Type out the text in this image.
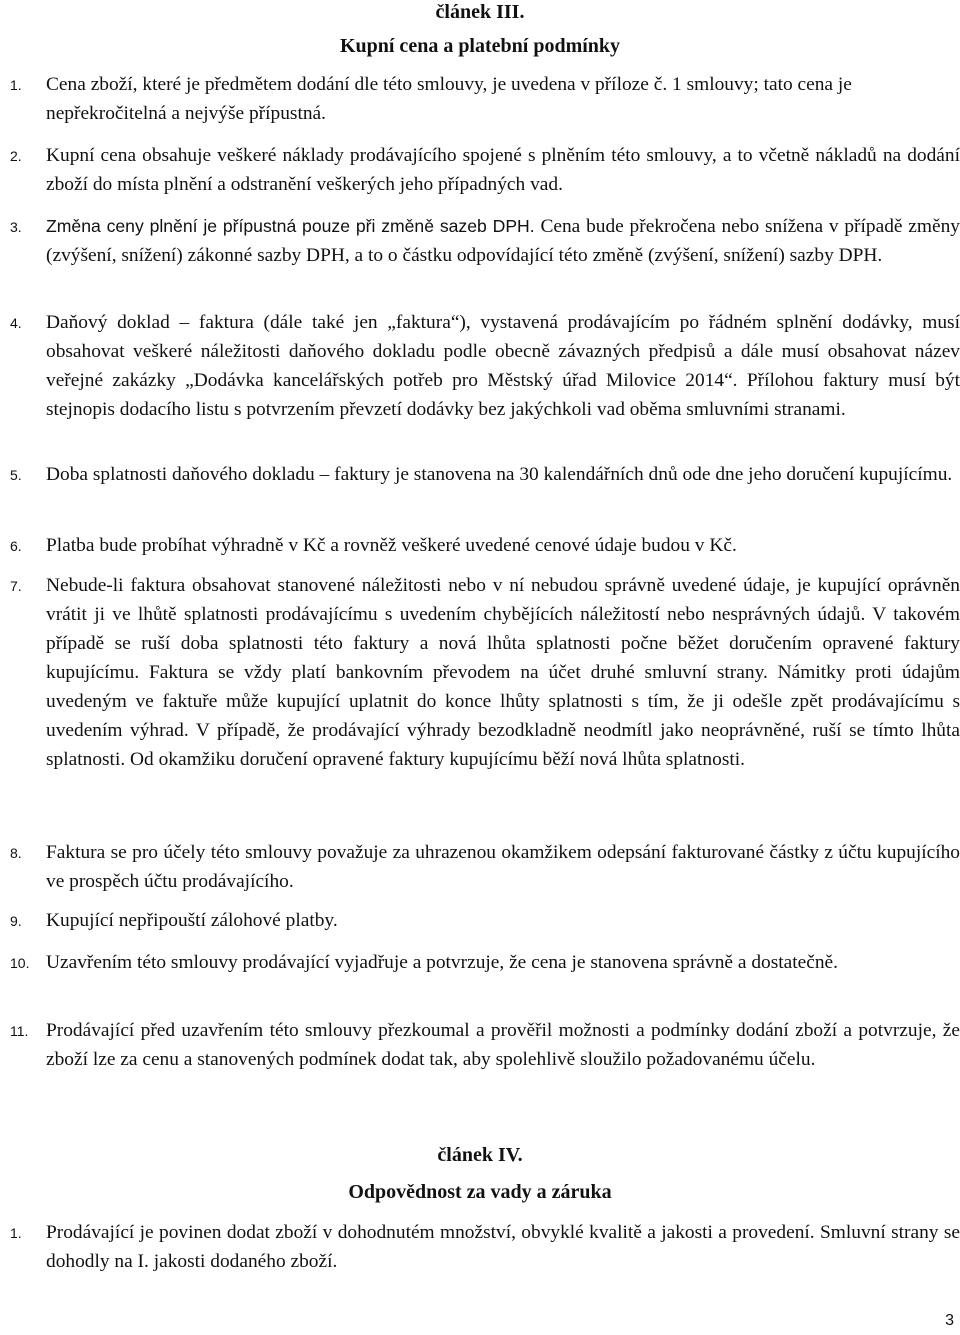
článek III.
Kupní cena a platební podmínky
1.	Cena zboží, které je předmětem dodání dle této smlouvy, je uvedena v příloze č. 1 smlouvy; tato cena je nepřekročitelná a nejvýše přípustná.
2.	Kupní cena obsahuje veškeré náklady prodávajícího spojené s plněním této smlouvy, a to včetně nákladů na dodání zboží do místa plnění a odstranění veškerých jeho případných vad.
3.	Změna ceny plnění je přípustná pouze při změně sazeb DPH. Cena bude překročena nebo snížena v případě změny (zvýšení, snížení) zákonné sazby DPH, a to o částku odpovídající této změně (zvýšení, snížení) sazby DPH.
4.	Daňový doklad – faktura (dále také jen „faktura“), vystavená prodávajícím po řádném splnění dodávky, musí obsahovat veškeré náležitosti daňového dokladu podle obecně závazných předpisů a dále musí obsahovat název veřejné zakázky „Dodávka kancelářských potřeb pro Městský úřad Milovice 2014“. Přílohou faktury musí být stejnopis dodacího listu s potvrzením převzetí dodávky bez jakýchkoli vad oběma smluvními stranami.
5.	Doba splatnosti daňového dokladu – faktury je stanovena na 30 kalendářních dnů ode dne jeho doručení kupujícímu.
6.	Platba bude probíhat výhradně v Kč a rovněž veškeré uvedené cenové údaje budou v Kč.
7.	Nebude-li faktura obsahovat stanovené náležitosti nebo v ní nebudou správně uvedené údaje, je kupující oprávněn vrátit ji ve lhůtě splatnosti prodávajícímu s uvedením chybějících náležitostí nebo nesprávných údajů. V takovém případě se ruší doba splatnosti této faktury a nová lhůta splatnosti počne běžet doručením opravené faktury kupujícímu. Faktura se vždy platí bankovním převodem na účet druhé smluvní strany. Námitky proti údajům uvedeným ve faktuře může kupující uplatnit do konce lhůty splatnosti s tím, že ji odešle zpět prodávajícímu s uvedením výhrad. V případě, že prodávající výhrady bezodkladně neodmítl jako neoprávněné, ruší se tímto lhůta splatnosti. Od okamžiku doručení opravené faktury kupujícímu běží nová lhůta splatnosti.
8.	Faktura se pro účely této smlouvy považuje za uhrazenou okamžikem odepsání fakturované částky z účtu kupujícího ve prospěch účtu prodávajícího.
9.	Kupující nepřipouští zálohové platby.
10. Uzavřením této smlouvy prodávající vyjadřuje a potvrzuje, že cena je stanovena správně a dostatečně.
11. Prodávající před uzavřením této smlouvy přezkoumal a prověřil možnosti a podmínky dodání zboží a potvrzuje, že zboží lze za cenu a stanovených podmínek dodat tak, aby spolehlivě sloužilo požadovanému účelu.
článek IV.
Odpovědnost za vady a záruka
1.	Prodávající je povinen dodat zboží v dohodnutém množství, obvyklé kvalitě a jakosti a provedení. Smluvní strany se dohodly na I. jakosti dodaného zboží.
3
